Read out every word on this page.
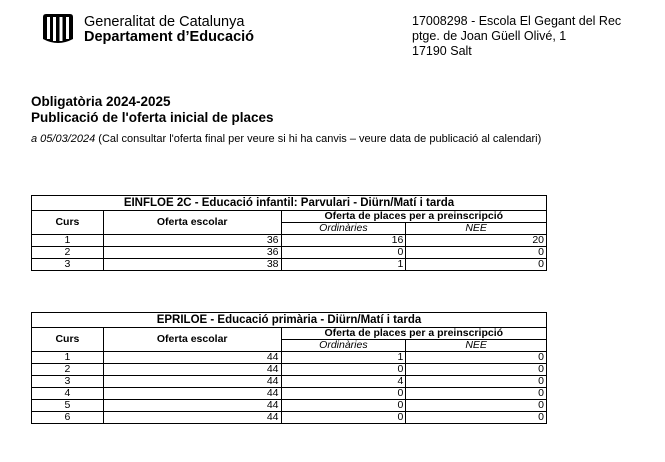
Generalitat de Catalunya
Departament d’Educació
17008298 - Escola El Gegant del Rec
ptge. de Joan Güell Olivé, 1
17190 Salt
Obligatòria 2024-2025
Publicació de l'oferta inicial de places
a 05/03/2024 (Cal consultar l'oferta final per veure si hi ha canvis – veure data de publicació al calendari)
EINFLOE 2C - Educació infantil: Parvulari - Diürn/Matí i tarda			
Curs	Oferta escolar	Oferta de places per a preinscripció	
		Ordinàries	NEE
1	36	16	20
2	36	0	0
3	38	1	0
EPRILOE - Educació primària - Diürn/Matí i tarda			
Curs	Oferta escolar	Oferta de places per a preinscripció	
		Ordinàries	NEE
1	44	1	0
2	44	0	0
3	44	4	0
4	44	0	0
5	44	0	0
6	44	0	0
